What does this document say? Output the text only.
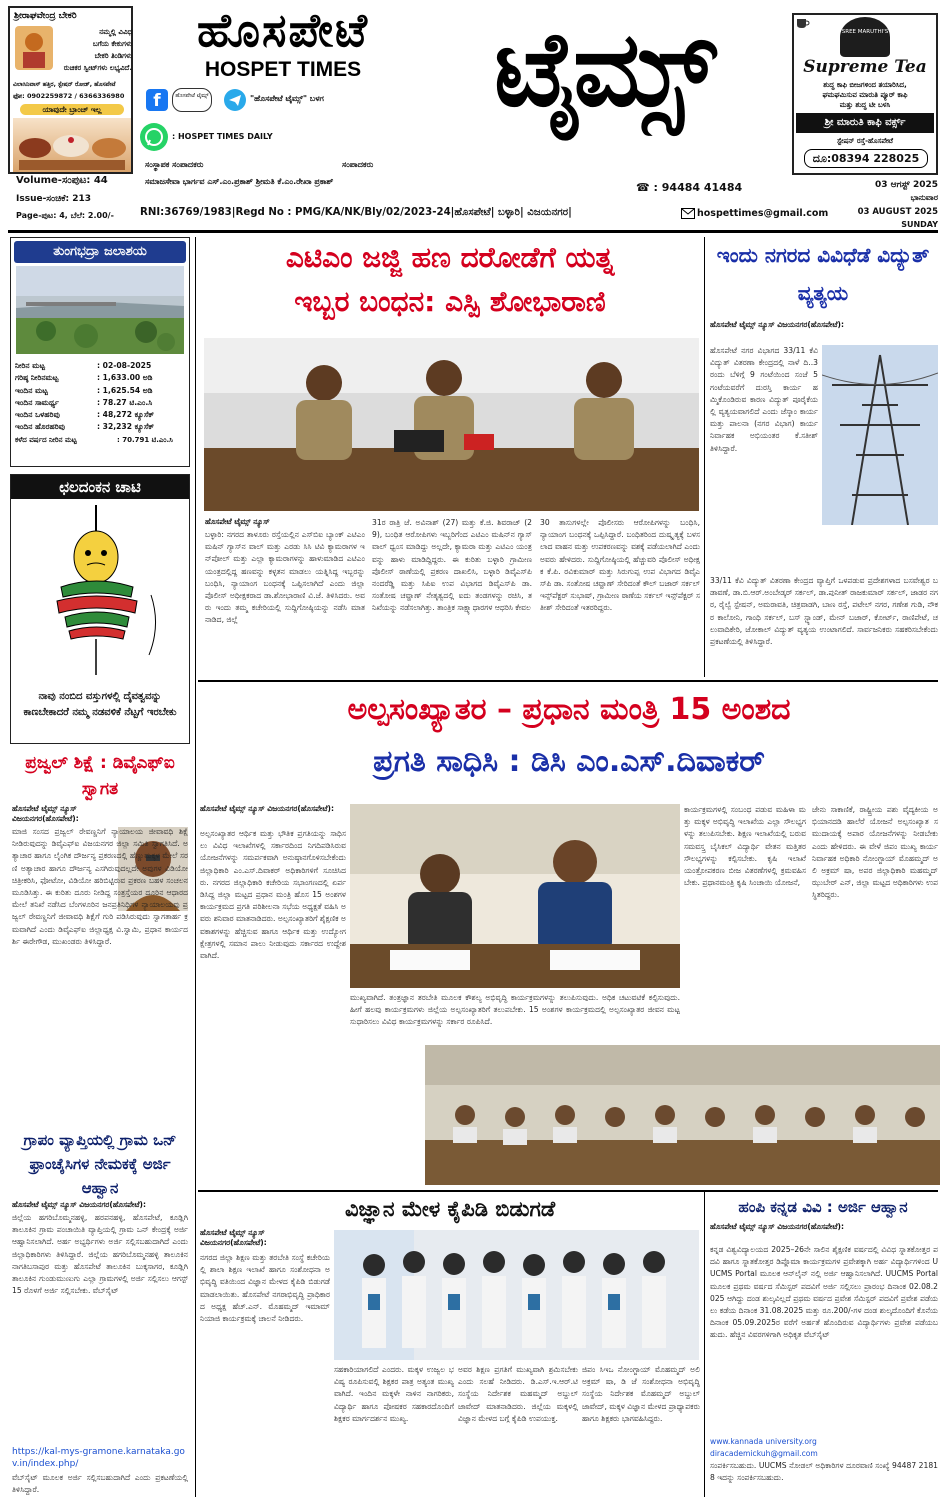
ಶ್ರೀರಾಘವೇಂದ್ರ ಬೇಕರಿ
ನಮ್ಮಲ್ಲಿ ವಿವಿಧ
ಬಗೆಯ ಕೇಕುಗಳು
ಬೇಕರಿ ತಿಂಡಿಗಳು
ರುಚಿಕರ ಸ್ವೀಟ್‌ಗಳು ಲಭ್ಯವಿದೆ.
ವಿಲಾಸಿನಿವಾಸ್ ಹತ್ತಿರ, ಸ್ಟೇಷನ್ ರೋಡ್, ಹೊಸಪೇಟೆ
ಫೋ: 0902259872 / 6366336980
ಯಾವುದೇ ಬ್ರಾಂಚ್ ಇಲ್ಲ
ಹೊಸಪೇಟೆ
HOSPET TIMES
f	ಹೊಸಪೇಟೆ ಟೈಮ್ಸ್	"ಹೊಸಪೇಟೆ ಟೈಮ್ಸ್" ಬಳಗ
: HOSPET TIMES DAILY
ಟೈಮ್ಸ್	SREE MARUTHI'S
Supreme Tea
ಶುದ್ಧ ಕಾಫಿ ಬೀಜಗಳಿಂದ ತಯಾರಿಸಿದ,
ಘಮಘಮಿಸುವ ಮಾರುತಿ ಪ್ಯೂರ್ ಕಾಫಿ
ಮತ್ತು ಶುದ್ಧ ಟೀ ಬಳಸಿ
ಶ್ರೀ ಮಾರುತಿ ಕಾಫಿ ವರ್ಕ್ಸ್
ಸ್ಟೇಷನ್ ರಸ್ತೆ-ಹೊಸಪೇಟೆ
ದೂ:08394 228025
ಸಂಸ್ಥಾಪಕ ಸಂಪಾದಕರು	ಸಂಪಾದಕರು
ಸಮಾಜಸೇವಾ ಭಾರ್ಗವ ಎಸ್.ಎಂ.ಪ್ರಕಾಶ್ ಶ್ರೀಮತಿ ಕೆ.ಎಂ.ರೇಖಾ ಪ್ರಕಾಶ್	☎ : 94484 41484
Volume-ಸಂಪುಟ: 44
Issue-ಸಂಚಿಕೆ: 213
Page-ಪುಟ: 4, ಬೆಲೆ: 2.00/-	RNI:36769/1983|Regd No : PMG/KA/NK/Bly/02/2023-24|ಹೊಸಪೇಟೆ| ಬಳ್ಳಾರಿ| ವಿಜಯನಗರ|	hospettimes@gmail.com
03 ಆಗಸ್ಟ್ 2025
ಭಾನುವಾರ
03 AUGUST 2025
SUNDAY
ತುಂಗಭದ್ರಾ ಜಲಾಶಯ
ನೀರಿನ ಮಟ್ಟ	: 02-08-2025
ಗರಿಷ್ಠ ನೀರಿನಮಟ್ಟ	: 1,633.00 ಅಡಿ
ಇಂದಿನ ಮಟ್ಟ	: 1,625.54 ಅಡಿ
ಇಂದಿನ ಸಾಮರ್ಥ್ಯ	: 78.27 ಟಿ.ಎಂ.ಸಿ
ಇಂದಿನ ಒಳಹರಿವು	: 48,272 ಕ್ಯೂಸೆಕ್
ಇಂದಿನ ಹೊರಹರಿವು	: 32,232 ಕ್ಯೂಸೆಕ್
ಕಳೆದ ವರ್ಷದ ನೀರಿನ ಮಟ್ಟ	: 70.791 ಟಿ.ಎಂ.ಸಿ
ಛಲದಂಕನ ಚಾಟಿ
ನಾವು ನಂಬಿದ ವಸ್ತುಗಳಲ್ಲಿ ದೈವತ್ವವನ್ನು ಕಾಣಬೇಕಾದರೆ ನಮ್ಮ ನಡವಳಿಕೆ ನೆಟ್ಟಗೆ ಇರಬೇಕು
ಪ್ರಜ್ವಲ್ ಶಿಕ್ಷೆ : ಡಿವೈಎಫ್ಐ ಸ್ವಾಗತ
ಹೊಸಪೇಟೆ ಟೈಮ್ಸ್ ನ್ಯೂಸ್ ವಿಜಯನಗರ(ಹೊಸಪೇಟೆ):
ಮಾಜಿ ಸಂಸದ ಪ್ರಜ್ವಲ್ ರೇವಣ್ಣನಿಗೆ ನ್ಯಾಯಾಲಯ ಜೀವಾವಧಿ ಶಿಕ್ಷೆ ನೀಡಿರುವುದನ್ನು ಡಿವೈಎಫ್ಐ ವಿಜಯನಗರ ಜಿಲ್ಲಾ ಸಮಿತಿ ಸ್ವಾಗತಿಸಿದೆ. ಅತ್ಯಾಚಾರ ಹಾಗೂ ಲೈಂಗಿಕ ದೌರ್ಜನ್ಯ ಪ್ರಕರಣದಲ್ಲಿ ಹೆಣ್ಣುಮಕ್ಕಳ ಮೇಲೆ ಸರಣಿ ಅತ್ಯಾಚಾರ ಹಾಗೂ ದೌರ್ಜನ್ಯ ಎಸಗಿರುವುದಲ್ಲದೇ ಅವುಗಳ ವಿಡಿಯೋ ಚಿತ್ರೀಕರಿಸಿ, ಫೋಟೋ, ವಿಡಿಯೋ ಹರಿಬಿಟ್ಟಿರುವ ಪ್ರಕರಣ ಬಹಳ ಸಂಚಲನ ಮೂಡಿಸಿತ್ತು. ಈ ಕುರಿತು ದೂರು ನೀಡಿದ್ದ ಸಂತ್ರಸ್ತೆಯರ ದೂರಿನ ಆಧಾರದ ಮೇಲೆ ತನಿಖೆ ನಡೆಸಿದ ಬೆಂಗಳೂರಿನ ಜನಪ್ರತಿನಿಧಿಗಳ ನ್ಯಾಯಾಲಯವು ಪ್ರಜ್ವಲ್ ರೇವಣ್ಣನಿಗೆ ಜೀವಾವಧಿ ಶಿಕ್ಷೆಗೆ ಗುರಿ ಪಡಿಸಿರುವುದು ಸ್ವಾಗತಾರ್ಹ ಕ್ರಮವಾಗಿದೆ ಎಂದು ಡಿವೈಎಫ್ಐ ಜಿಲ್ಲಾಧ್ಯಕ್ಷ ವಿ.ಸ್ವಾಮಿ, ಪ್ರಧಾನ ಕಾರ್ಯದರ್ಶಿ ಈರೇಗೌಡ, ಮುಖಂಡರು ತಿಳಿಸಿದ್ದಾರೆ.
ಗ್ರಾಪಂ ವ್ಯಾಪ್ತಿಯಲ್ಲಿ ಗ್ರಾಮ ಒನ್ ಫ್ರಾಂಚೈಸಿಗಳ ನೇಮಕಕ್ಕೆ ಅರ್ಜಿ ಆಹ್ವಾನ
ಹೊಸಪೇಟೆ ಟೈಮ್ಸ್ ನ್ಯೂಸ್ ವಿಜಯನಗರ(ಹೊಸಪೇಟೆ):
ಜಿಲ್ಲೆಯ ಹಗರಿಬೊಮ್ಮನಹಳ್ಳಿ, ಹರಪನಹಳ್ಳಿ, ಹೊಸಪೇಟೆ, ಕೂಡ್ಲಿಗಿ ತಾಲೂಕಿನ ಗ್ರಾಮ ಪಂಚಾಯಿತಿ ವ್ಯಾಪ್ತಿಯಲ್ಲಿ ಗ್ರಾಮ ಒನ್ ಕೇಂದ್ರಕ್ಕೆ ಅರ್ಜಿ ಆಹ್ವಾನಿಸಲಾಗಿದೆ. ಅರ್ಹ ಅಭ್ಯರ್ಥಿಗಳು ಅರ್ಜಿ ಸಲ್ಲಿಸಬಹುದಾಗಿದೆ ಎಂದು ಜಿಲ್ಲಾಧಿಕಾರಿಗಳು ತಿಳಿಸಿದ್ದಾರೆ. ಜಿಲ್ಲೆಯ ಹಗರಿಬೊಮ್ಮನಹಳ್ಳಿ ತಾಲೂಕಿನ ನಾಗತಿಬಸಾಪುರ ಮತ್ತು ಹೊಸಪೇಟೆ ತಾಲೂಕಿನ ಬುಕ್ಕಸಾಗರ, ಕೂಡ್ಲಿಗಿ ತಾಲೂಕಿನ ಗುಂಡುಮುಣುಗು ಎಲ್ಲಾ ಗ್ರಾಮಗಳಲ್ಲಿ ಅರ್ಜಿ ಸಲ್ಲಿಸಲು ಆಗಸ್ಟ್ 15 ರೊಳಗೆ ಅರ್ಜಿ ಸಲ್ಲಿಸಬೇಕು. ವೆಬ್‌ಸೈಟ್
https://kal-mys-gramone.karnataka.gov.in/index.php/
ವೆಬ್‌ಸೈಟ್ ಮೂಲಕ ಅರ್ಜಿ ಸಲ್ಲಿಸಬಹುದಾಗಿದೆ ಎಂದು ಪ್ರಕಟಣೆಯಲ್ಲಿ ತಿಳಿಸಿದ್ದಾರೆ.
ಎಟಿಎಂ ಜಜ್ಜಿ ಹಣ ದರೋಡೆಗೆ ಯತ್ನ
ಇಬ್ಬರ ಬಂಧನ: ಎಸ್ಪಿ ಶೋಭಾರಾಣಿ
ಹೊಸಪೇಟೆ ಟೈಮ್ಸ್ ನ್ಯೂಸ್
ಬಳ್ಳಾರಿ: ನಗರದ ತಾಳೂರು ರಸ್ತೆಯಲ್ಲಿನ ಎಸ್‌ಬಿಐ ಬ್ಯಾಂಕ್ ಎಟಿಎಂ ಮಷಿನ್ ಗ್ಯಾಸ್‌ನ ವಾಲ್ ಮತ್ತು ಎರಡು ಸಿಸಿ ಟಿವಿ ಕ್ಯಾಮರಾಗಳ ಇನ್‌ಪೋಲ್ ಮತ್ತು ಎಲ್ಲಾ ಕ್ಯಾಮರಾಗಳನ್ನು ಹಾಳುಮಾಡಿದ ಎಟಿಎಂ ಯಂತ್ರದಲ್ಲಿದ್ದ ಹಣವನ್ನು ಕಳ್ಳತನ ಮಾಡಲು ಯತ್ನಿಸಿದ್ದ ಇಬ್ಬರನ್ನು ಬಂಧಿಸಿ, ನ್ಯಾಯಾಂಗ ಬಂಧನಕ್ಕೆ ಒಪ್ಪಿಸಲಾಗಿದೆ ಎಂದು ಜಿಲ್ಲಾ ಪೊಲೀಸ್ ಅಧೀಕ್ಷಕರಾದ ಡಾ.ಶೋಭಾರಾಣಿ ವಿ.ಜೆ. ತಿಳಿಸಿದರು. ಅವರು ಇಂದು ತಮ್ಮ ಕಚೇರಿಯಲ್ಲಿ ಸುದ್ದಿಗೋಷ್ಠಿಯನ್ನು ನಡೆಸಿ ಮಾತನಾಡಿದ, ಜಿಲ್ಲೆ
31ರ ರಾತ್ರಿ ಜೆ. ಅವಿನಾಶ್ (27) ಮತ್ತು ಕೆ.ಜಿ. ಶಿವರಾಜ್ (29), ಬಂಧಿತ ಆರೋಪಿಗಳು ಇಬ್ಬರಿಗೆಂದ ಎಟಿಎಂ ಮಷಿನ್‌ನ ಗ್ಯಾಸ್ ವಾಲ್ ಧ್ವಂಸ ಮಾಡಿದ್ದು ಅಲ್ಲದೇ, ಕ್ಯಾಮರಾ ಮತ್ತು ಎಟಿಎಂ ಯಂತ್ರವನ್ನು ಹಾಳು ಮಾಡಿದ್ದಿದ್ದರು. ಈ ಕುರಿತು ಬಳ್ಳಾರಿ ಗ್ರಾಮೀಣ ಪೊಲೀಸ್ ಠಾಣೆಯಲ್ಲಿ ಪ್ರಕರಣ ದಾಖಲಿಸಿ, ಬಳ್ಳಾರಿ ಡಿವೈಎಸ್‌ಪಿ ನಂದರೆಡ್ಡಿ ಮತ್ತು ಸಿಪಿಐ ಉಪ ವಿಭಾಗದ ಡಿವೈಎಸ್‌ಪಿ ಡಾ. ಸಂತೋಷ ಚವ್ಹಾಣ್ ನೇತೃತ್ವದಲ್ಲಿ ಐದು ತಂಡಗಳನ್ನು ರಚಿಸಿ, ತನಿಖೆಯನ್ನು ನಡೆಸಲಾಗಿತ್ತು. ತಾಂತ್ರಿಕ ಸಾಕ್ಷ್ಯಾಧಾರಗಳ ಆಧರಿಸಿ ಕೇವಲ
30 ತಾಸುಗಳಲ್ಲೇ ಪೊಲೀಸರು ಆರೋಪಿಗಳನ್ನು ಬಂಧಿಸಿ, ನ್ಯಾಯಾಂಗ ಬಂಧನಕ್ಕೆ ಒಪ್ಪಿಸಿದ್ದಾರೆ. ಬಂಧಿತರಿಂದ ದುಷ್ಕೃತ್ಯಕ್ಕೆ ಬಳಸಲಾದ ವಾಹನ ಮತ್ತು ಉಪಕರಣವನ್ನು ವಶಕ್ಕೆ ಪಡೆಯಲಾಗಿದೆ ಎಂದು ಅವರು ಹೇಳಿದರು. ಸುದ್ದಿಗೋಷ್ಠಿಯಲ್ಲಿ ಹೆಚ್ಚುವರಿ ಪೊಲೀಸ್ ಅಧೀಕ್ಷಕ ಕೆ.ಪಿ. ರವಿಕುಮಾರ್ ಮತ್ತು ಸಿರುಗುಪ್ಪ ಉಪ ವಿಭಾಗದ ಡಿವೈಎಸ್‌ಪಿ ಡಾ. ಸಂತೋಷ ಚವ್ಹಾಣ್ ಸೇರಿದಂತೆ ಕೌಲ್ ಬಜಾರ್ ಸರ್ಕಲ್ ಇನ್ಸ್‌ಪೆಕ್ಟರ್ ಸುಭಾಷ್, ಗ್ರಾಮೀಣ ಠಾಣೆಯ ಸರ್ಕಲ್ ಇನ್ಸ್‌ಪೆಕ್ಟರ್ ಸತೀಶ್ ಸೇರಿದಂತೆ ಇತರರಿದ್ದರು.
ಇಂದು ನಗರದ ವಿವಿಧೆಡೆ ವಿದ್ಯುತ್ ವ್ಯತ್ಯಯ
ಹೊಸಪೇಟೆ ಟೈಮ್ಸ್ ನ್ಯೂಸ್ ವಿಜಯನಗರ(ಹೊಸಪೇಟೆ):
ಹೊಸಪೇಟೆ ನಗರ ವಿಭಾಗದ 33/11 ಕೆವಿ ವಿದ್ಯುತ್ ವಿತರಣಾ ಕೇಂದ್ರದಲ್ಲಿ ನಾಳೆ ದಿ..3 ರಂದು ಬೆಳಿಗ್ಗೆ 9 ಗಂಟೆಯಿಂದ ಸಂಜೆ 5 ಗಂಟೆಯವರೆಗೆ ದುರಸ್ತಿ ಕಾರ್ಯ ಹಮ್ಮಿಕೊಂಡಿರುವ ಕಾರಣ ವಿದ್ಯುತ್ ಪೂರೈಕೆಯಲ್ಲಿ ವ್ಯತ್ಯಯವಾಗಲಿದೆ ಎಂದು ಜೆಸ್ಕಾಂ ಕಾರ್ಯ ಮತ್ತು ಪಾಲನಾ (ನಗರ ವಿಭಾಗ) ಕಾರ್ಯನಿರ್ವಾಹಕ ಅಭಿಯಂತರ ಕೆ.ಸತೀಶ್ ತಿಳಿಸಿದ್ದಾರೆ.
33/11 ಕೆವಿ ವಿದ್ಯುತ್ ವಿತರಣಾ ಕೇಂದ್ರದ ವ್ಯಾಪ್ತಿಗೆ ಒಳಪಡುವ ಪ್ರದೇಶಗಳಾದ ಬಸವೇಶ್ವರ ಬಡಾವಣೆ, ಡಾ.ಬಿ.ಆರ್.ಅಂಬೇಡ್ಕರ್ ಸರ್ಕಲ್, ಡಾ.ಪುನೀತ್ ರಾಜಕುಮಾರ್ ಸರ್ಕಲ್, ಜಾಡರ ನಗರ, ರೈಲ್ವೆ ಸ್ಟೇಷನ್, ಅಮರಾವತಿ, ಚಿತ್ರವಾಡಗಿ, ಬಾಣ ರಸ್ತೆ, ಪಟೇಲ್ ನಗರ, ಗಣೇಶ ಗುಡಿ, ನೌಕರ ಕಾಲೋನಿ, ಗಾಂಧಿ ಸರ್ಕಲ್, ಬಸ್ ಸ್ಟ್ಯಾಂಡ್, ಮೇನ್ ಬಜಾರ್, ಕೋರ್ಟ್, ರಾಣಿಪೇಟೆ, ಚಲುವಾದಿಕೇರಿ, ಜೋಕಾಲ್ ವಿದ್ಯುತ್ ವ್ಯತ್ಯಯ ಉಂಟಾಗಲಿದೆ. ಸಾರ್ವಜನಿಕರು ಸಹಕರಿಸಬೇಕೆಂದು ಪ್ರಕಟಣೆಯಲ್ಲಿ ತಿಳಿಸಿದ್ದಾರೆ.
ಅಲ್ಪಸಂಖ್ಯಾತರ – ಪ್ರಧಾನ ಮಂತ್ರಿ 15 ಅಂಶದ
ಪ್ರಗತಿ ಸಾಧಿಸಿ : ಡಿಸಿ ಎಂ.ಎಸ್.ದಿವಾಕರ್
ಹೊಸಪೇಟೆ ಟೈಮ್ಸ್ ನ್ಯೂಸ್ ವಿಜಯನಗರ(ಹೊಸಪೇಟೆ):
ಅಲ್ಪಸಂಖ್ಯಾತರ ಆರ್ಥಿಕ ಮತ್ತು ಭೌತಿಕ ಪ್ರಗತಿಯನ್ನು ಸಾಧಿಸಲು ವಿವಿಧ ಇಲಾಖೆಗಳಲ್ಲಿ ಸರ್ಕಾರದಿಂದ ನಿಗದಿಪಡಿಸಿರುವ ಯೋಜನೆಗಳನ್ನು ಸಮರ್ಪಕವಾಗಿ ಅನುಷ್ಠಾನಗೊಳಿಸಬೇಕೆಂದು ಜಿಲ್ಲಾಧಿಕಾರಿ ಎಂ.ಎಸ್.ದಿವಾಕರ್ ಅಧಿಕಾರಿಗಳಿಗೆ ಸೂಚಿಸಿದರು. ನಗರದ ಜಿಲ್ಲಾಧಿಕಾರಿ ಕಚೇರಿಯ ಸಭಾಂಗಣದಲ್ಲಿ ಏರ್ಪಡಿಸಿದ್ದ ಜಿಲ್ಲಾ ಮಟ್ಟದ ಪ್ರಧಾನ ಮಂತ್ರಿ ಹೊಸ 15 ಅಂಶಗಳ ಕಾರ್ಯಕ್ರಮದ ಪ್ರಗತಿ ಪರಿಶೀಲನಾ ಸಭೆಯ ಅಧ್ಯಕ್ಷತೆ ವಹಿಸಿ ಅವರು ಶನಿವಾರ ಮಾತನಾಡಿದರು. ಅಲ್ಪಸಂಖ್ಯಾತರಿಗೆ ಶೈಕ್ಷಣಿಕ ಅವಕಾಶಗಳನ್ನು ಹೆಚ್ಚಿಸುವ ಹಾಗೂ ಆರ್ಥಿಕ ಮತ್ತು ಉದ್ಯೋಗ ಕ್ಷೇತ್ರಗಳಲ್ಲಿ ಸಮಾನ ಪಾಲು ನೀಡುವುದು ಸರ್ಕಾರದ ಉದ್ದೇಶವಾಗಿದೆ.
ಮುಖ್ಯವಾಗಿದೆ. ತಂತ್ರಜ್ಞಾನ ತರಬೇತಿ ಮೂಲಕ ಕೌಶಲ್ಯ ಅಭಿವೃದ್ಧಿ ಕಾರ್ಯಕ್ರಮಗಳನ್ನು ತಲುಪಿಸುವುದು. ಅಧಿಕ ಚಟುವಟಿಕೆ ಕಲ್ಪಿಸುವುದು. ಹೀಗೆ ಹಲವು ಕಾರ್ಯಕ್ರಮಗಳು ಜಿಲ್ಲೆಯ ಅಲ್ಪಸಂಖ್ಯಾತರಿಗೆ ತಲುಪಬೇಕು. 15 ಅಂಶಗಳ ಕಾರ್ಯಕ್ರಮದಲ್ಲಿ ಅಲ್ಪಸಂಖ್ಯಾತರ ಜೀವನ ಮಟ್ಟ ಸುಧಾರಿಸಲು ವಿವಿಧ ಕಾರ್ಯಕ್ರಮಗಳನ್ನು ಸರ್ಕಾರ ರೂಪಿಸಿದೆ.
ಕಾರ್ಯಕ್ರಮಗಳಲ್ಲಿ ಸಂಬಂಧ ಪಡುವ ಮಹಿಳಾ ಮತ್ತು ಮಕ್ಕಳ ಅಭಿವೃದ್ಧಿ ಇಲಾಖೆಯ ಎಲ್ಲಾ ಸೌಲಭ್ಯಗಳನ್ನು ತಲುಪಿಸಬೇಕು. ಶಿಕ್ಷಣ ಇಲಾಖೆಯಲ್ಲಿ ಬರುವ ಸಮವಸ್ತ್ರ ಬೈಸಿಕಲ್ ವಿದ್ಯಾರ್ಥಿ ವೇತನ ಮತ್ತಿತರ ಸೌಲಭ್ಯಗಳನ್ನು ಕಲ್ಪಿಸಬೇಕು. ಕೃಷಿ ಇಲಾಖೆ ಯಂತ್ರೋಪಕರಣ ಬೀಜ ವಿತರಣೆಗಳಲ್ಲಿ ಕ್ರಮವಹಿಸಬೇಕು. ಪ್ರಧಾನಮಂತ್ರಿ ಕೃಷಿ ಸಿಂಚಾಯಿ ಯೋಜನೆ,
ಜೇನು ಸಾಕಾಣಿಕೆ, ರಾಷ್ಟ್ರೀಯ ಪಶು ವೈದ್ಯಕೀಯ ಅಭಿಯಾನದಡಿ ಹಾಲೆರೆ ಯೋಜನೆ ಅಲ್ಪಸಂಖ್ಯಾತ ಸಮುದಾಯಕ್ಕೆ ಅಪಾರ ಯೋಜನೆಗಳನ್ನು ನೀಡಬೇಕು ಎಂದು ಹೇಳಿದರು. ಈ ವೇಳೆ ಜಿಪಂ ಮುಖ್ಯ ಕಾರ್ಯನಿರ್ವಾಹಕ ಅಧಿಕಾರಿ ನೋಂಗ್ಜಾಯ್ ಮೊಹಮ್ಮದ್ ಅಲಿ ಅಕ್ರಮ್ ಷಾ, ಅಪರ ಜಿಲ್ಲಾಧಿಕಾರಿ ಮಹಮ್ಮದ್ ಝುಬೇರ್ ಎನ್, ಜಿಲ್ಲಾ ಮಟ್ಟದ ಅಧಿಕಾರಿಗಳು ಉಪಸ್ಥಿತರಿದ್ದರು.
ವಿಜ್ಞಾನ ಮೇಳ ಕೈಪಿಡಿ ಬಿಡುಗಡೆ
ಹೊಸಪೇಟೆ ಟೈಮ್ಸ್ ನ್ಯೂಸ್ ವಿಜಯನಗರ(ಹೊಸಪೇಟೆ):
ನಗರದ ಜಿಲ್ಲಾ ಶಿಕ್ಷಣ ಮತ್ತು ತರಬೇತಿ ಸಂಸ್ಥೆ ಕಚೇರಿಯಲ್ಲಿ ಶಾಲಾ ಶಿಕ್ಷಣ ಇಲಾಖೆ ಹಾಗೂ ಸಂಶೋಧನಾ ಅಭಿವೃದ್ಧಿ ವತಿಯಿಂದ ವಿಜ್ಞಾನ ಮೇಳದ ಕೈಪಿಡಿ ಬಿಡುಗಡೆ ಮಾಡಲಾಯಿತು. ಹೊಸಪೇಟೆ ನಗರಾಭಿವೃದ್ಧಿ ಪ್ರಾಧಿಕಾರದ ಅಧ್ಯಕ್ಷ ಹೆಚ್.ಎನ್. ಮೊಹಮ್ಮದ್ ಇಮಾಮ್ ನಿಯಾಜಿ ಕಾರ್ಯಕ್ರಮಕ್ಕೆ ಚಾಲನೆ ನೀಡಿದರು.
ಸಹಕಾರಿಯಾಗಲಿದೆ ಎಂದರು. ಮಕ್ಕಳ ಉಜ್ವಲ ಭವಿಷ್ಯ ರೂಪಿಸುವಲ್ಲಿ ಶಿಕ್ಷಕರ ಪಾತ್ರ ಅತ್ಯಂತ ಮುಖ್ಯವಾಗಿದೆ. ಇಂದಿನ ಮಕ್ಕಳೇ ನಾಳಿನ ನಾಗರಿಕರು, ವಿದ್ಯಾರ್ಥಿ ಹಾಗೂ ಪೋಷಕರ ಸಹಕಾರದೊಂದಿಗೆ ಶಿಕ್ಷಕರ ಮಾರ್ಗದರ್ಶನ ಮುಖ್ಯ.
ಅವರ ಶಿಕ್ಷಣ ಪ್ರಗತಿಗೆ ಮುಖ್ಯವಾಗಿ ಶ್ರಮಿಸಬೇಕು ಎಂದು ಸಲಹೆ ನೀಡಿದರು. ಡಿ.ಎಸ್.ಇ.ಆರ್.ಟಿ ಸಂಸ್ಥೆಯ ನಿರ್ದೇಶಕ ಮಹಮ್ಮದ್ ಅಬ್ದುಲ್ ಜಾವೇದ್ ಮಾತನಾಡಿದರು. ಜಿಲ್ಲೆಯ ಮಕ್ಕಳಲ್ಲಿ ವಿಜ್ಞಾನ ಮೇಳದ ಬಗ್ಗೆ ಕೈಪಿಡಿ ಉಪಯುಕ್ತ.
ಜಿಪಂ ಸಿಇಒ ನೋಂಗ್ಜಾಯ್ ಮೊಹಮ್ಮದ್ ಅಲಿ ಅಕ್ರಮ್ ಷಾ, ಡಿ ಜೆ ಸಂಶೋಧನಾ ಅಭಿವೃದ್ಧಿ ಸಂಸ್ಥೆಯ ನಿರ್ದೇಶಕ ಮೊಹಮ್ಮದ್ ಅಬ್ದುಲ್ ಜಾವೇದ್, ಮಕ್ಕಳ ವಿಜ್ಞಾನ ಮೇಳದ ಪ್ರಾಧ್ಯಾಪಕರು ಹಾಗೂ ಶಿಕ್ಷಕರು ಭಾಗವಹಿಸಿದ್ದರು.
ಹಂಪಿ ಕನ್ನಡ ವಿವಿ : ಅರ್ಜಿ ಆಹ್ವಾನ
ಹೊಸಪೇಟೆ ಟೈಮ್ಸ್ ನ್ಯೂಸ್ ವಿಜಯನಗರ(ಹೊಸಪೇಟೆ):
ಕನ್ನಡ ವಿಶ್ವವಿದ್ಯಾಲಯದ 2025–26ನೇ ಸಾಲಿನ ಶೈಕ್ಷಣಿಕ ವರ್ಷದಲ್ಲಿ ವಿವಿಧ ಸ್ನಾತಕೋತ್ತರ ಪದವಿ ಹಾಗೂ ಸ್ನಾತಕೋತ್ತರ ಡಿಪ್ಲೊಮಾ ಕಾರ್ಯಕ್ರಮಗಳ ಪ್ರವೇಶಕ್ಕಾಗಿ ಅರ್ಹ ವಿದ್ಯಾರ್ಥಿಗಳಿಂದ UUCMS Portal ಮೂಲಕ ಆನ್‌ಲೈನ್ ನಲ್ಲಿ ಅರ್ಜಿ ಆಹ್ವಾನಿಸಲಾಗಿದೆ. UUCMS Portal ಮೂಲಕ ಪ್ರಥಮ ವರ್ಷದ ಸೆಮಿಸ್ಟರ್ ಪದವಿಗೆ ಅರ್ಜಿ ಸಲ್ಲಿಸಲು ಪ್ರಾರಂಭ ದಿನಾಂಕ 02.08.2025 ಆಗಿದ್ದು ದಂಡ ಶುಲ್ಕವಿಲ್ಲದೆ ಪ್ರಥಮ ವರ್ಷದ ಪ್ರವೇಶ ಸೆಮಿಸ್ಟರ್ ಪದವಿಗೆ ಪ್ರವೇಶ ಪಡೆಯಲು ಕಡೆಯ ದಿನಾಂಕ 31.08.2025 ಮತ್ತು ರೂ.200/-ಗಳ ದಂಡ ಶುಲ್ಕದೊಂದಿಗೆ ಕೊನೆಯ ದಿನಾಂಕ 05.09.2025ರ ವರೆಗೆ ಅರ್ಹತೆ ಹೊಂದಿರುವ ವಿದ್ಯಾರ್ಥಿಗಳು ಪ್ರವೇಶ ಪಡೆಯಬಹುದು. ಹೆಚ್ಚಿನ ವಿವರಗಳಿಗಾಗಿ ಅಧಿಕೃತ ವೆಬ್‌ಸೈಟ್
www.kannada university.org
diracademickuh@gmail.com
ಸಂಪರ್ಕಿಸಬಹುದು. UUCMS ನೋಡಲ್ ಅಧಿಕಾರಿಗಳ ದೂರವಾಣಿ ಸಂಖ್ಯೆ 94487 21818 ಇದನ್ನು ಸಂಪರ್ಕಿಸಬಹುದು.
